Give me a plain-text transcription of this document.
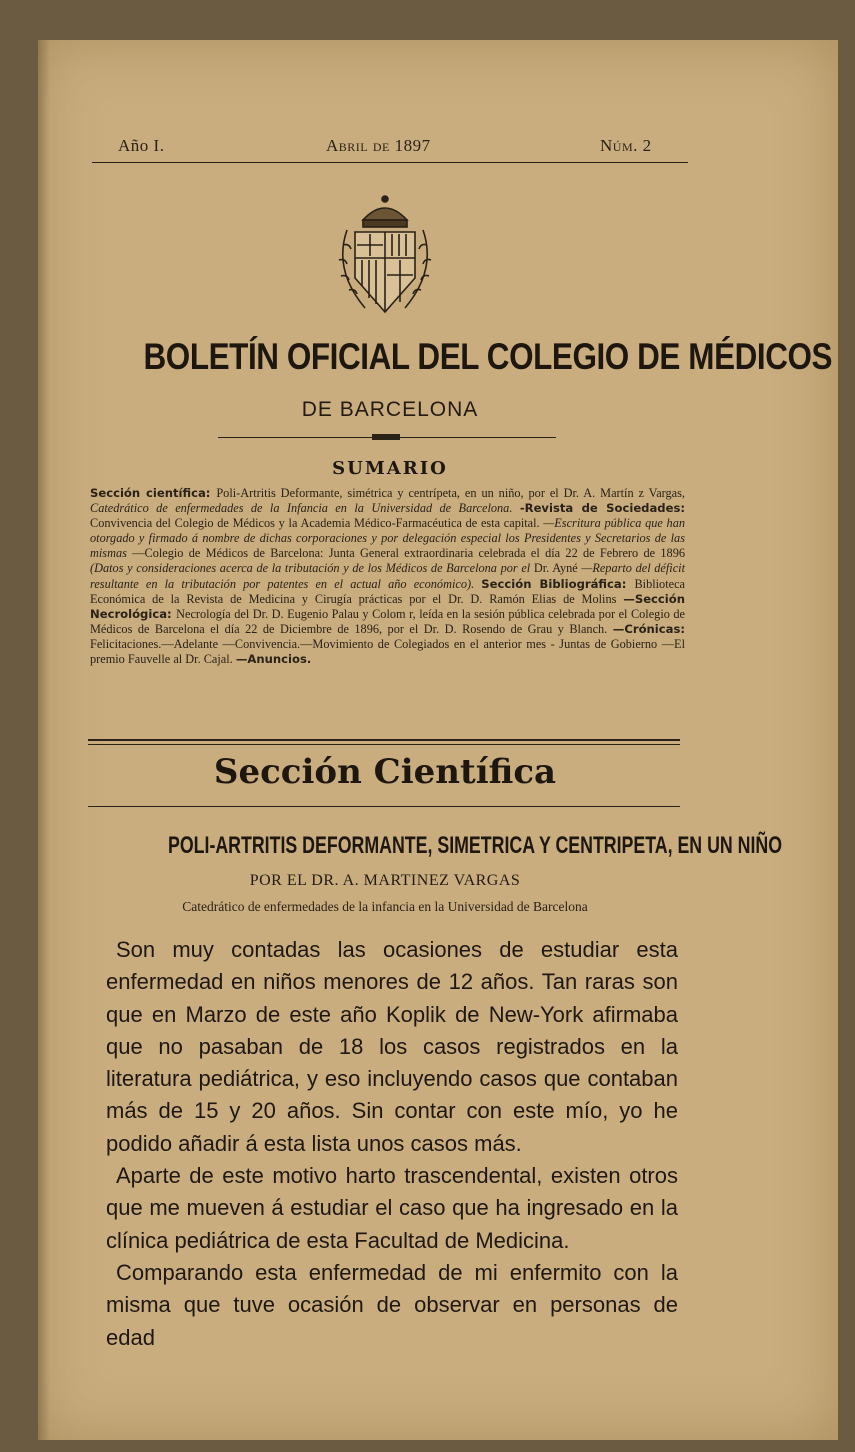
Año I.	Abril de 1897	Núm. 2
BOLETÍN OFICIAL DEL COLEGIO DE MÉDICOS
DE BARCELONA
SUMARIO
Sección científica: Poli-Artritis Deformante, simétrica y centrípeta, en un niño, por el Dr. A. Martín z Vargas, Catedrático de enfermedades de la Infancia en la Universidad de Barcelona. -Revista de Sociedades: Convivencia del Colegio de Médicos y la Academia Médico-Farmacéutica de esta capital. —Escritura pública que han otorgado y firmado á nombre de dichas corporaciones y por delegación especial los Presidentes y Secretarios de las mismas —Colegio de Médicos de Barcelona: Junta General extraordinaria celebrada el día 22 de Febrero de 1896 (Datos y consideraciones acerca de la tributación y de los Médicos de Barcelona por el Dr. Ayné —Reparto del déficit resultante en la tributación por patentes en el actual año económico). Sección Bibliográfica: Biblioteca Económica de la Revista de Medicina y Cirugía prácticas por el Dr. D. Ramón Elias de Molins —Sección Necrológica: Necrología del Dr. D. Eugenio Palau y Colom r, leída en la sesión pública celebrada por el Colegio de Médicos de Barcelona el día 22 de Diciembre de 1896, por el Dr. D. Rosendo de Grau y Blanch. —Crónicas: Felicitaciones.—Adelante —Convivencia.—Movimiento de Colegiados en el anterior mes - Juntas de Gobierno —El premio Fauvelle al Dr. Cajal. —Anuncios.
Sección Científica
POLI-ARTRITIS DEFORMANTE, SIMETRICA Y CENTRIPETA, EN UN NIÑO
POR EL DR. A. MARTINEZ VARGAS
Catedrático de enfermedades de la infancia en la Universidad de Barcelona

Son muy contadas las ocasiones de estudiar esta enfermedad en niños menores de 12 años. Tan raras son que en Marzo de este año Koplik de New-York afirmaba que no pasaban de 18 los casos registrados en la literatura pediátrica, y eso incluyendo casos que contaban más de 15 y 20 años. Sin contar con este mío, yo he podido añadir á esta lista unos casos más.

Aparte de este motivo harto trascendental, existen otros que me mueven á estudiar el caso que ha ingresado en la clínica pediátrica de esta Facultad de Medicina.

Comparando esta enfermedad de mi enfermito con la misma que tuve ocasión de observar en personas de edad
